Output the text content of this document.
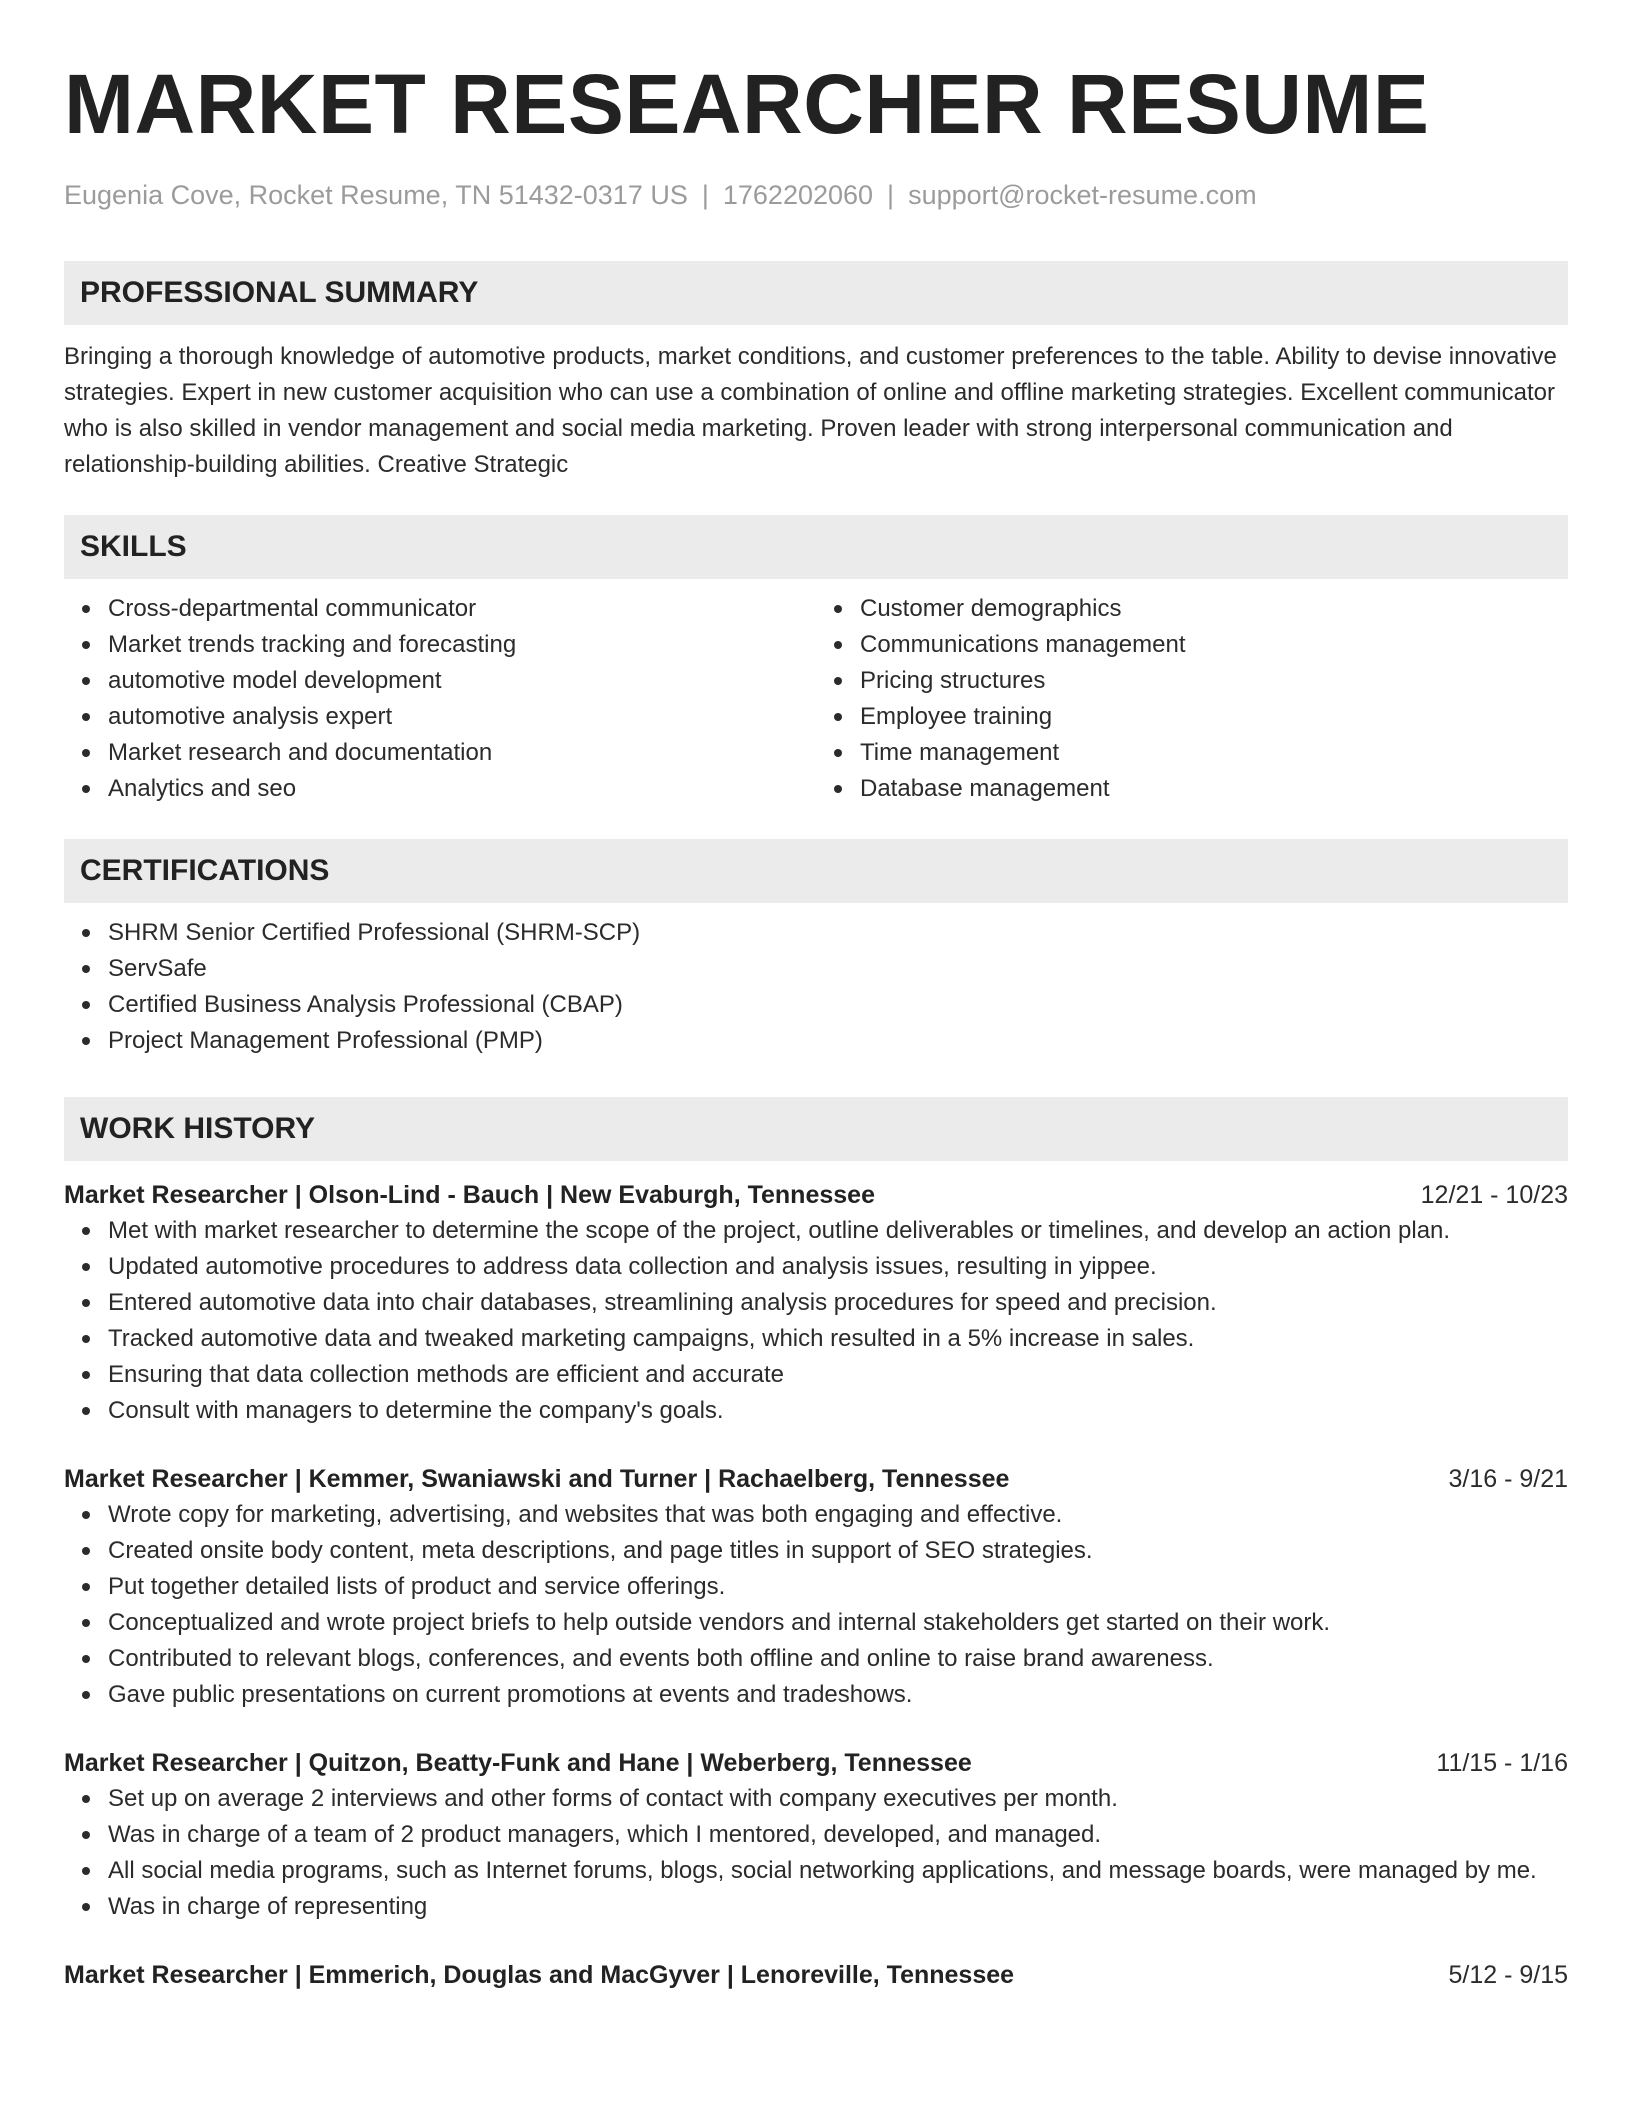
MARKET RESEARCHER RESUME
Eugenia Cove, Rocket Resume, TN 51432-0317 US | 1762202060 | support@rocket-resume.com
PROFESSIONAL SUMMARY
Bringing a thorough knowledge of automotive products, market conditions, and customer preferences to the table. Ability to devise innovative strategies. Expert in new customer acquisition who can use a combination of online and offline marketing strategies. Excellent communicator who is also skilled in vendor management and social media marketing. Proven leader with strong interpersonal communication and relationship-building abilities. Creative Strategic
SKILLS
Cross-departmental communicator
Market trends tracking and forecasting
automotive model development
automotive analysis expert
Market research and documentation
Analytics and seo
Customer demographics
Communications management
Pricing structures
Employee training
Time management
Database management
CERTIFICATIONS
SHRM Senior Certified Professional (SHRM-SCP)
ServSafe
Certified Business Analysis Professional (CBAP)
Project Management Professional (PMP)
WORK HISTORY
Market Researcher | Olson-Lind - Bauch | New Evaburgh, Tennessee	12/21 - 10/23
Met with market researcher to determine the scope of the project, outline deliverables or timelines, and develop an action plan.
Updated automotive procedures to address data collection and analysis issues, resulting in yippee.
Entered automotive data into chair databases, streamlining analysis procedures for speed and precision.
Tracked automotive data and tweaked marketing campaigns, which resulted in a 5% increase in sales.
Ensuring that data collection methods are efficient and accurate
Consult with managers to determine the company's goals.
Market Researcher | Kemmer, Swaniawski and Turner | Rachaelberg, Tennessee	3/16 - 9/21
Wrote copy for marketing, advertising, and websites that was both engaging and effective.
Created onsite body content, meta descriptions, and page titles in support of SEO strategies.
Put together detailed lists of product and service offerings.
Conceptualized and wrote project briefs to help outside vendors and internal stakeholders get started on their work.
Contributed to relevant blogs, conferences, and events both offline and online to raise brand awareness.
Gave public presentations on current promotions at events and tradeshows.
Market Researcher | Quitzon, Beatty-Funk and Hane | Weberberg, Tennessee	11/15 - 1/16
Set up on average 2 interviews and other forms of contact with company executives per month.
Was in charge of a team of 2 product managers, which I mentored, developed, and managed.
All social media programs, such as Internet forums, blogs, social networking applications, and message boards, were managed by me.
Was in charge of representing
Market Researcher | Emmerich, Douglas and MacGyver | Lenoreville, Tennessee	5/12 - 9/15
